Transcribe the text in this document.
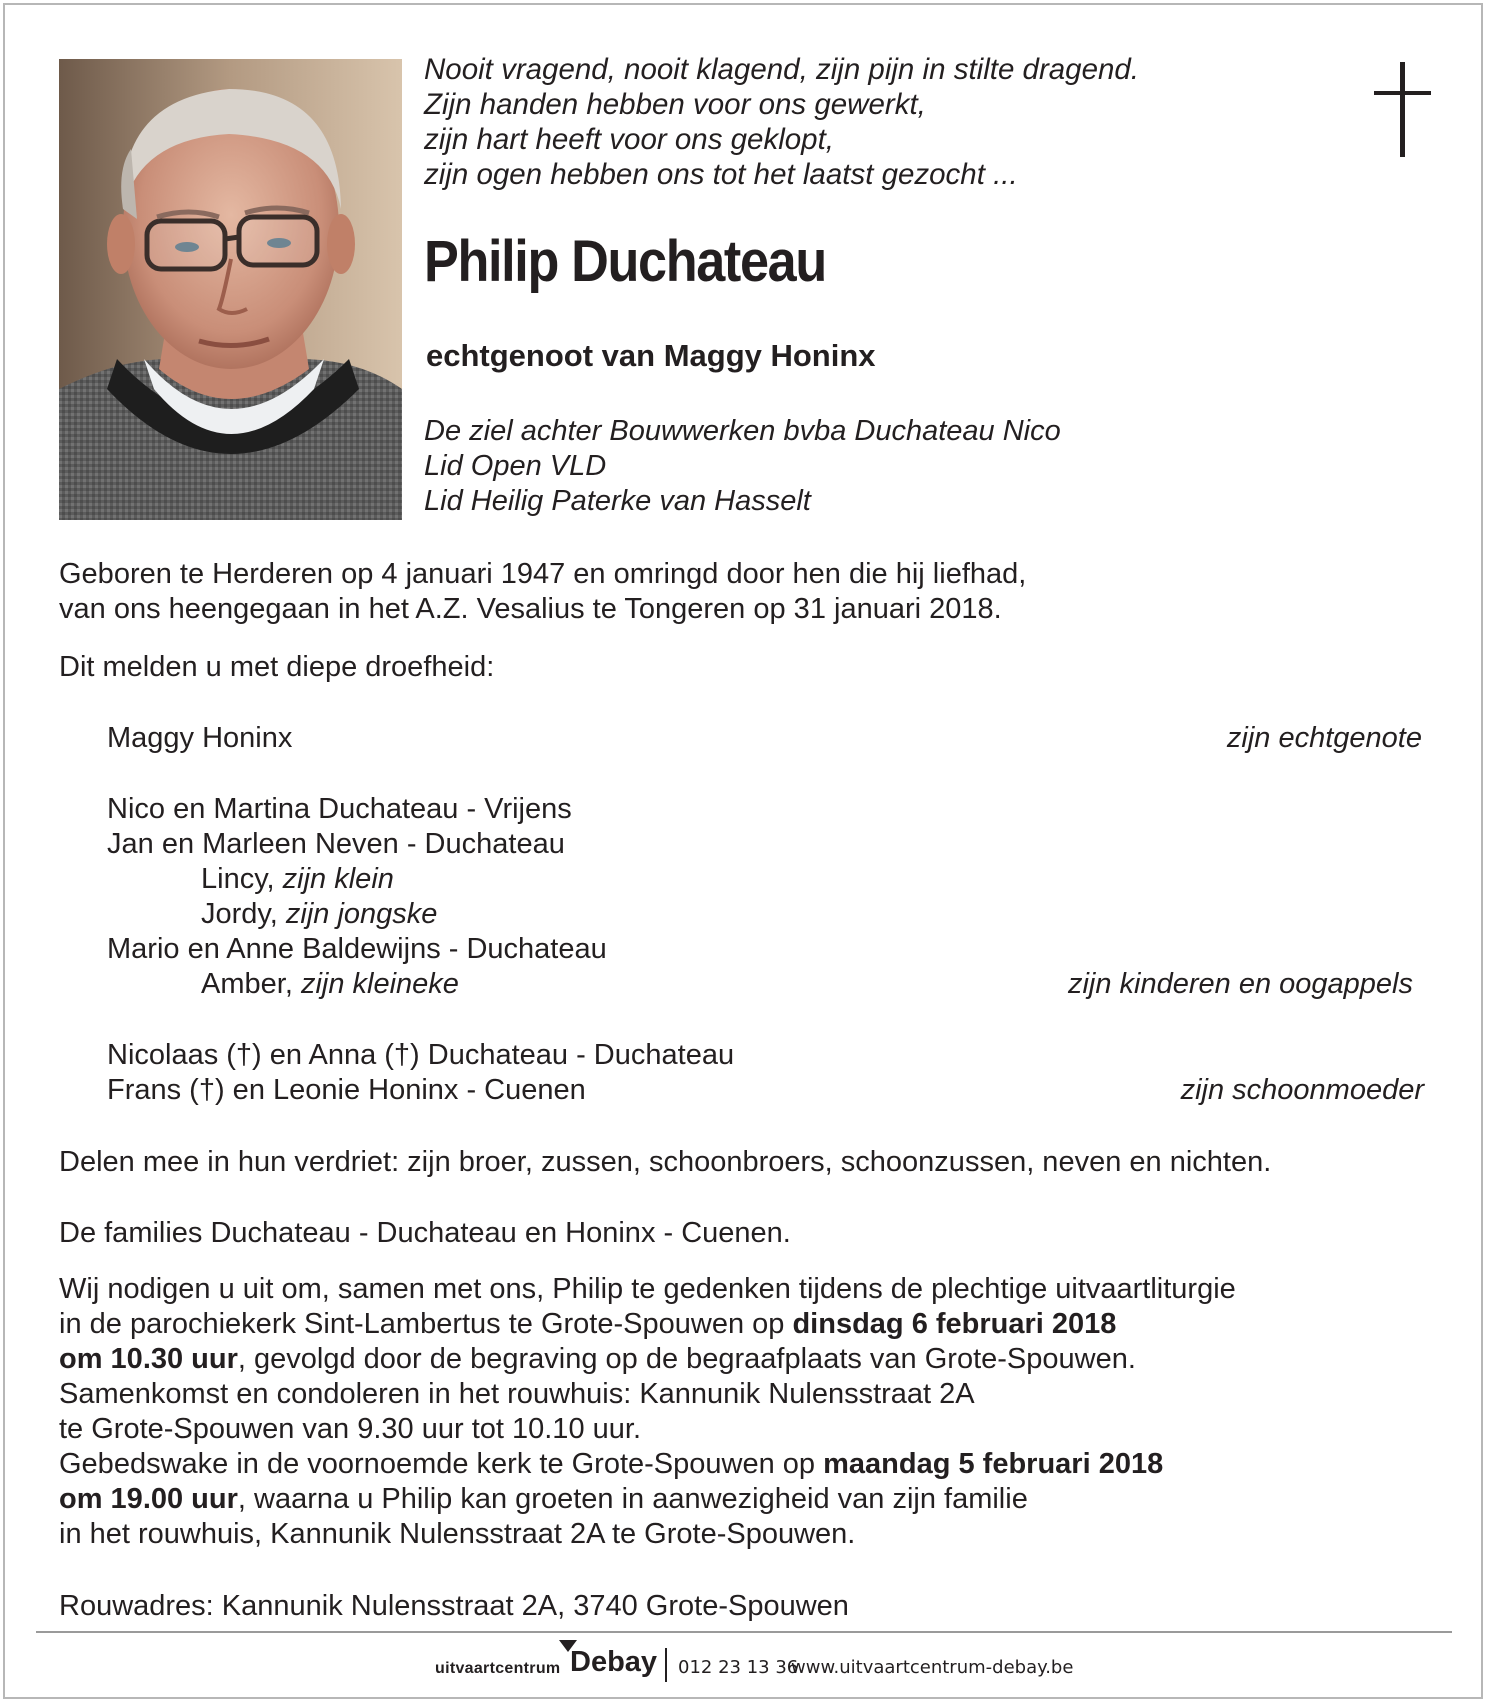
Nooit vragend, nooit klagend, zijn pijn in stilte dragend.
Zijn handen hebben voor ons gewerkt,
zijn hart heeft voor ons geklopt,
zijn ogen hebben ons tot het laatst gezocht ...
Philip Duchateau
echtgenoot van Maggy Honinx
De ziel achter Bouwwerken bvba Duchateau Nico
Lid Open VLD
Lid Heilig Paterke van Hasselt
Geboren te Herderen op 4 januari 1947 en omringd door hen die hij liefhad,
van ons heengegaan in het A.Z. Vesalius te Tongeren op 31 januari 2018.
Dit melden u met diepe droefheid:
Maggy Honinx	zijn echtgenote
Nico en Martina Duchateau - Vrijens
Jan en Marleen Neven - Duchateau
Lincy, zijn klein
Jordy, zijn jongske
Mario en Anne Baldewijns - Duchateau
Amber, zijn kleineke	zijn kinderen en oogappels
Nicolaas (†) en Anna (†) Duchateau - Duchateau
Frans (†) en Leonie Honinx - Cuenen	zijn schoonmoeder
Delen mee in hun verdriet: zijn broer, zussen, schoonbroers, schoonzussen, neven en nichten.
De families Duchateau - Duchateau en Honinx - Cuenen.
Wij nodigen u uit om, samen met ons, Philip te gedenken tijdens de plechtige uitvaartliturgie
in de parochiekerk Sint-Lambertus te Grote-Spouwen op dinsdag 6 februari 2018
om 10.30 uur, gevolgd door de begraving op de begraafplaats van Grote-Spouwen.
Samenkomst en condoleren in het rouwhuis: Kannunik Nulensstraat 2A
te Grote-Spouwen van 9.30 uur tot 10.10 uur.
Gebedswake in de voornoemde kerk te Grote-Spouwen op maandag 5 februari 2018
om 19.00 uur, waarna u Philip kan groeten in aanwezigheid van zijn familie
in het rouwhuis, Kannunik Nulensstraat 2A te Grote-Spouwen.
Rouwadres: Kannunik Nulensstraat 2A, 3740 Grote-Spouwen
uitvaartcentrum Debay 012 23 13 36
www.uitvaartcentrum-debay.be
